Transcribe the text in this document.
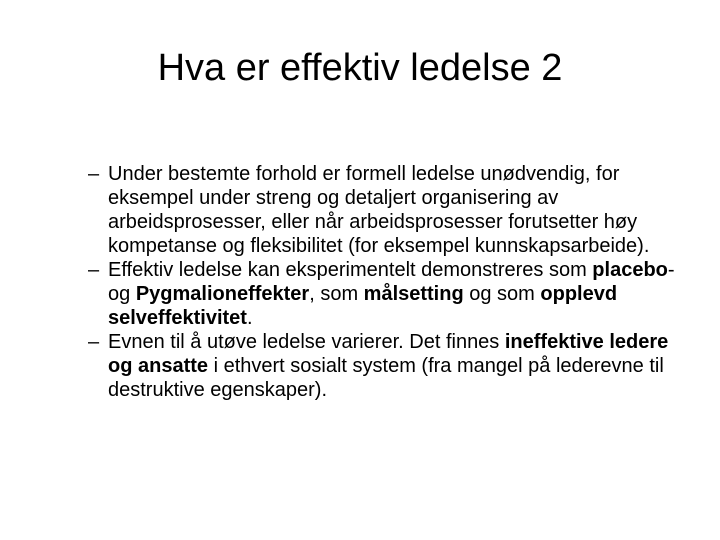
Hva er effektiv ledelse 2
– Under bestemte forhold er formell ledelse unødvendig, for eksempel under streng og detaljert organisering av arbeidsprosesser, eller når arbeidsprosesser forutsetter høy kompetanse og fleksibilitet (for eksempel kunnskapsarbeide).
– Effektiv ledelse kan eksperimentelt demonstreres som placebo- og Pygmalioneffekter, som målsetting og som opplevd selveffektivitet.
– Evnen til å utøve ledelse varierer. Det finnes ineffektive ledere og ansatte i ethvert sosialt system (fra mangel på lederevne til destruktive egenskaper).
